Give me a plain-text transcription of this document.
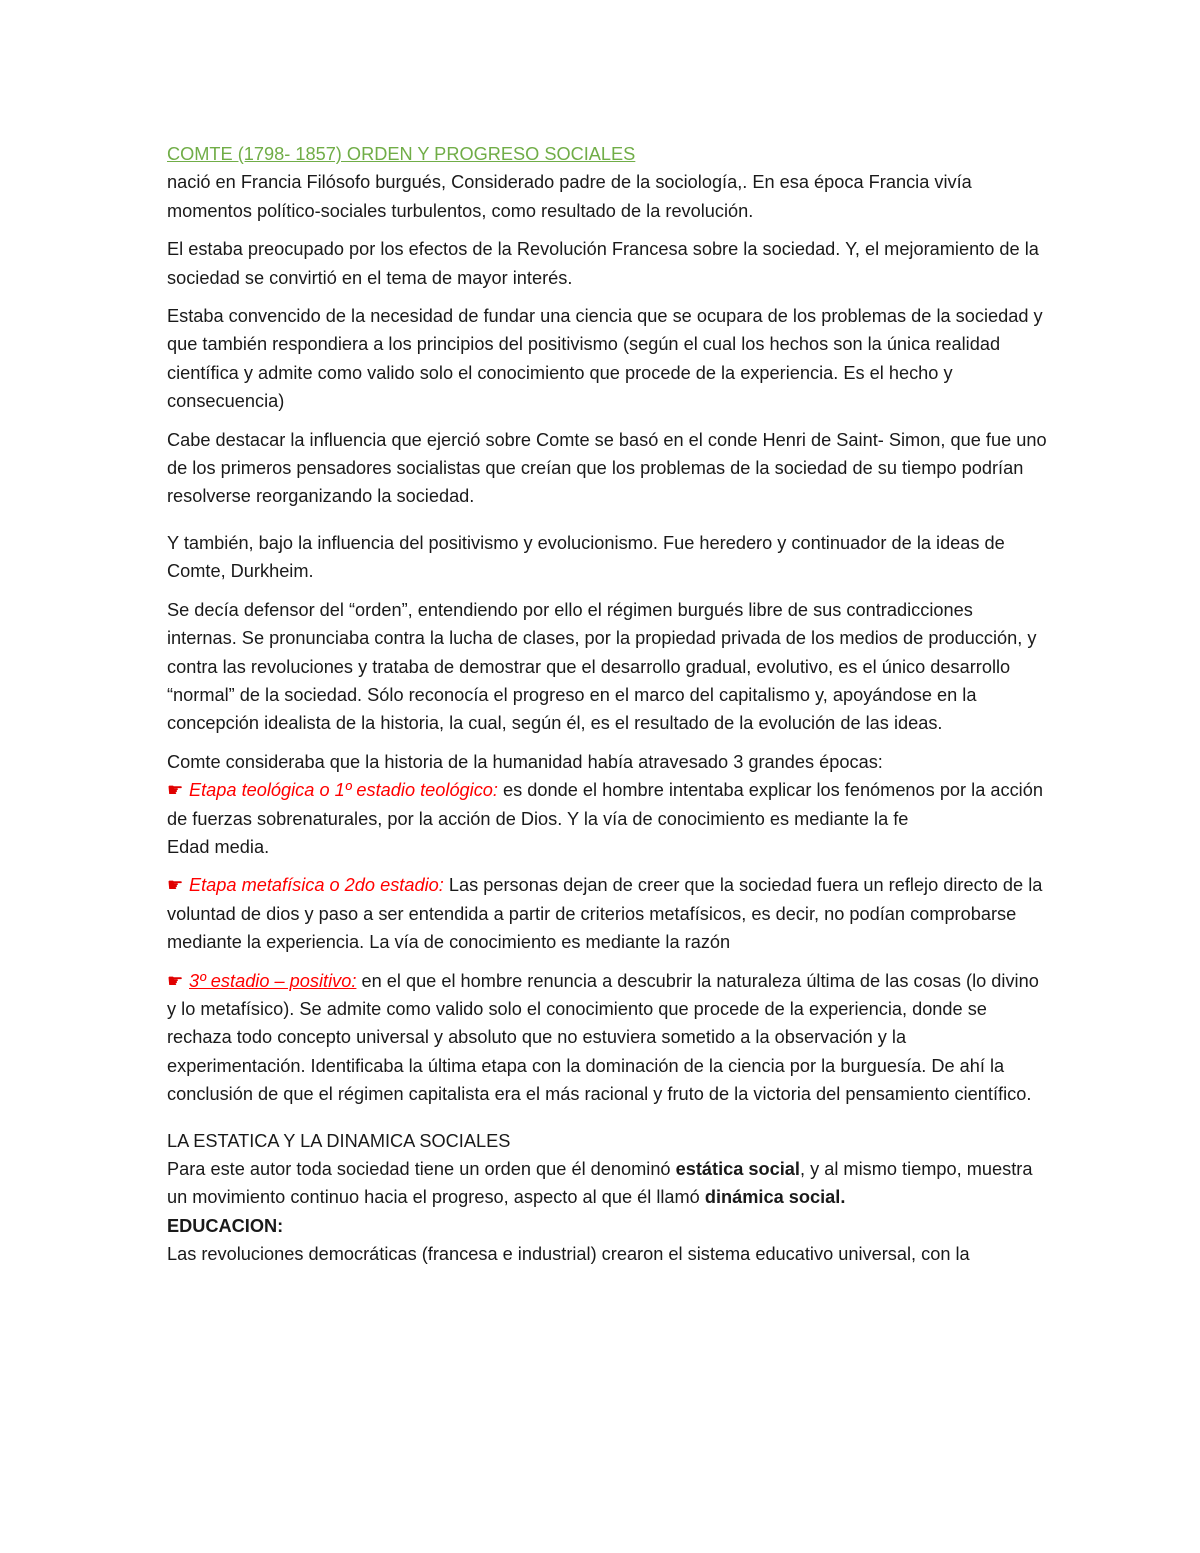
COMTE (1798- 1857) ORDEN Y PROGRESO SOCIALES

nació en Francia Filósofo burgués, Considerado padre de la sociología,. En esa época Francia vivía momentos político-sociales turbulentos, como resultado de la revolución.

El estaba preocupado por los efectos de la Revolución Francesa sobre la sociedad. Y, el mejoramiento de la sociedad se convirtió en el tema de mayor interés.

Estaba convencido de la necesidad de fundar una ciencia que se ocupara de los problemas de la sociedad y que también respondiera a los principios del positivismo (según el cual los hechos son la única realidad científica y admite como valido solo el conocimiento que procede de la experiencia. Es el hecho y consecuencia)

Cabe destacar la influencia que ejerció sobre Comte se basó en el conde Henri de Saint- Simon, que fue uno de los primeros pensadores socialistas que creían que los problemas de la sociedad de su tiempo podrían resolverse reorganizando la sociedad.

Y también, bajo la influencia del positivismo y evolucionismo. Fue heredero y continuador de la ideas de Comte, Durkheim.

Se decía defensor del “orden”, entendiendo por ello el régimen burgués libre de sus contradicciones internas. Se pronunciaba contra la lucha de clases, por la propiedad privada de los medios de producción, y contra las revoluciones y trataba de demostrar que el desarrollo gradual, evolutivo, es el único desarrollo “normal” de la sociedad. Sólo reconocía el progreso en el marco del capitalismo y, apoyándose en la concepción idealista de la historia, la cual, según él, es el resultado de la evolución de las ideas.

Comte consideraba que la historia de la humanidad había atravesado 3 grandes épocas:

☛ Etapa teológica o 1º estadio teológico: es donde el hombre intentaba explicar los fenómenos por la acción de fuerzas sobrenaturales, por la acción de Dios. Y la vía de conocimiento es mediante la fe

Edad media.

☛ Etapa metafísica o 2do estadio: Las personas dejan de creer que la sociedad fuera un reflejo directo de la voluntad de dios y paso a ser entendida a partir de criterios metafísicos, es decir, no podían comprobarse mediante la experiencia. La vía de conocimiento es mediante la razón

☛ 3º estadio – positivo: en el que el hombre renuncia a descubrir la naturaleza última de las cosas (lo divino y lo metafísico). Se admite como valido solo el conocimiento que procede de la experiencia, donde se rechaza todo concepto universal y absoluto que no estuviera sometido a la observación y la experimentación. Identificaba la última etapa con la dominación de la ciencia por la burguesía. De ahí la conclusión de que el régimen capitalista era el más racional y fruto de la victoria del pensamiento científico.

LA ESTATICA Y LA DINAMICA SOCIALES

Para este autor toda sociedad tiene un orden que él denominó estática social, y al mismo tiempo, muestra un movimiento continuo hacia el progreso, aspecto al que él llamó dinámica social.

EDUCACION:

Las revoluciones democráticas (francesa e industrial) crearon el sistema educativo universal, con la
